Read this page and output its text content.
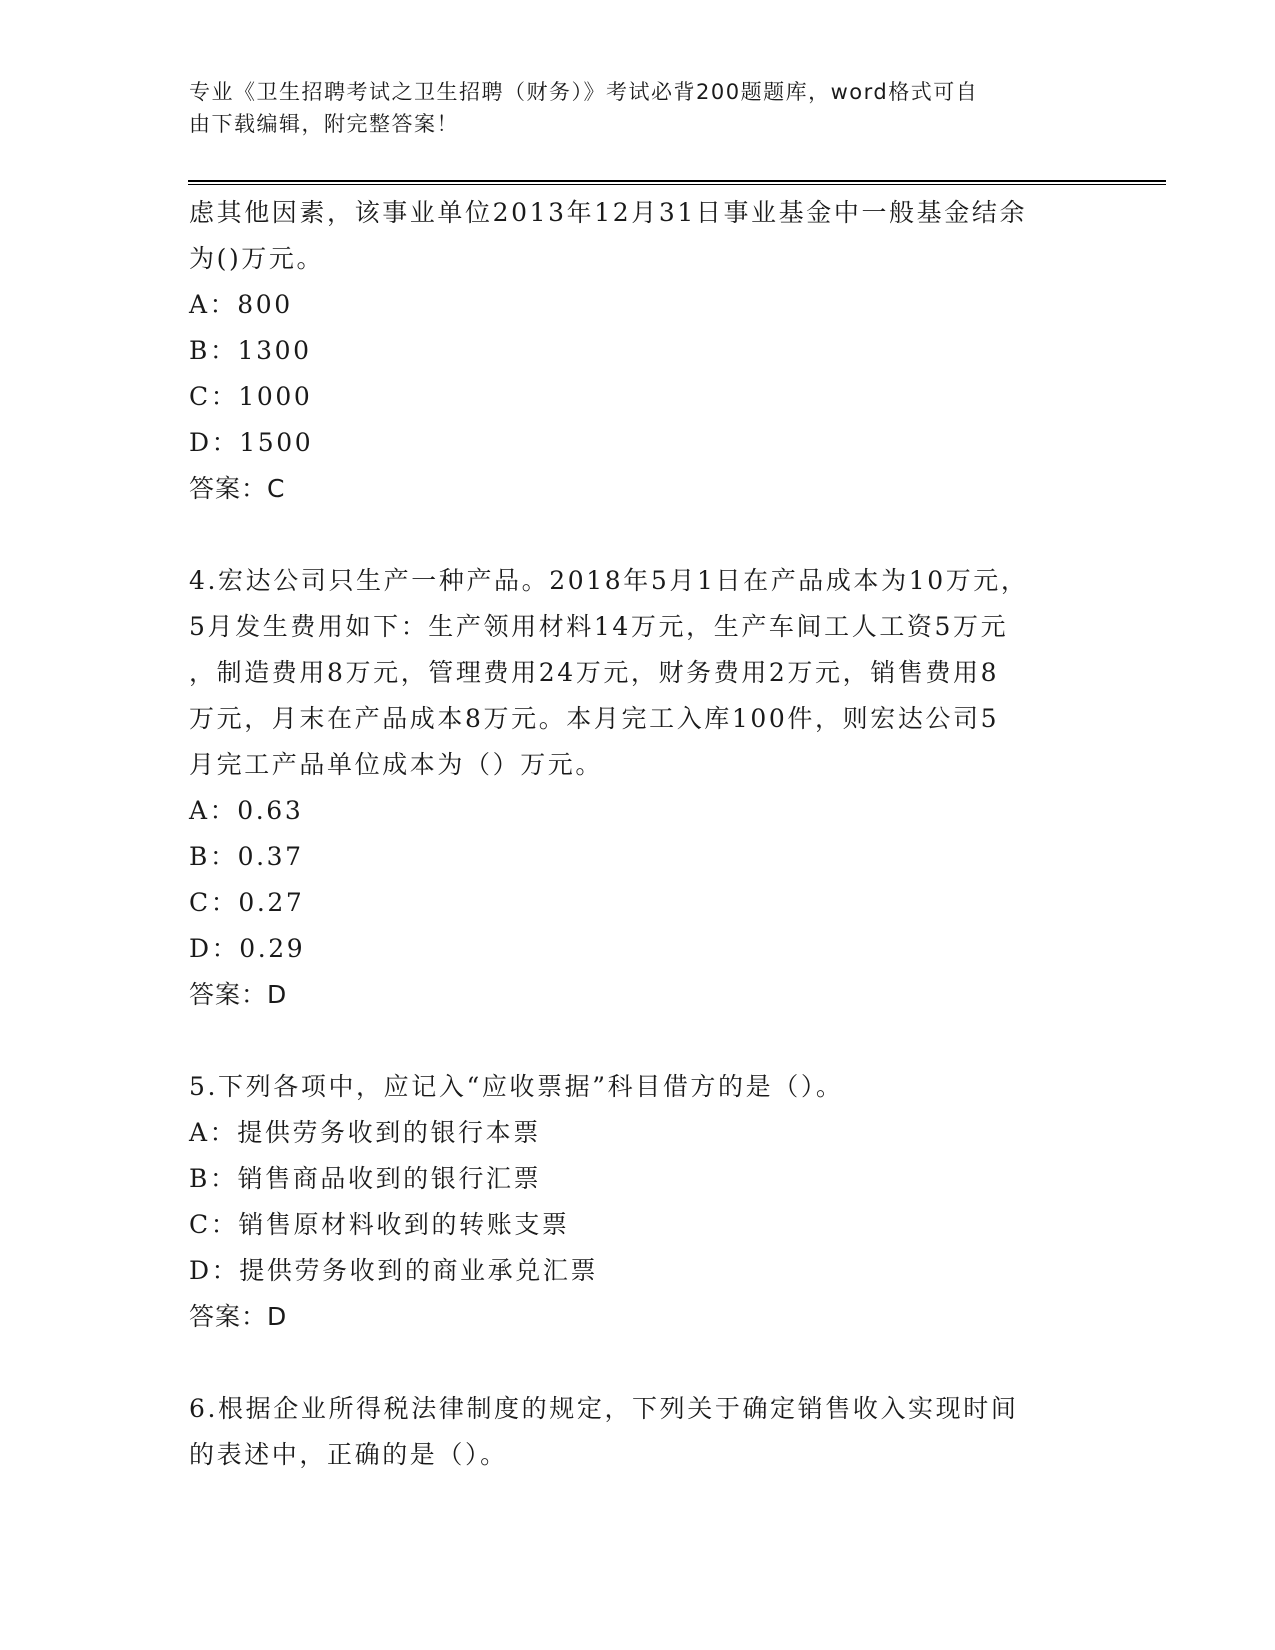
专业《卫生招聘考试之卫生招聘（财务）》考试必背200题题库，word格式可自
由下载编辑，附完整答案！
虑其他因素，该事业单位2013年12月31日事业基金中一般基金结余
为()万元。
A：800
B：1300
C：1000
D：1500
答案：C
4.宏达公司只生产一种产品。2018年5月1日在产品成本为10万元，
5月发生费用如下：生产领用材料14万元，生产车间工人工资5万元
，制造费用8万元，管理费用24万元，财务费用2万元，销售费用8
万元，月末在产品成本8万元。本月完工入库100件，则宏达公司5
月完工产品单位成本为（）万元。
A：0.63
B：0.37
C：0.27
D：0.29
答案：D
5.下列各项中，应记入“应收票据”科目借方的是（）。
A：提供劳务收到的银行本票
B：销售商品收到的银行汇票
C：销售原材料收到的转账支票
D：提供劳务收到的商业承兑汇票
答案：D
6.根据企业所得税法律制度的规定，下列关于确定销售收入实现时间
的表述中，正确的是（）。
